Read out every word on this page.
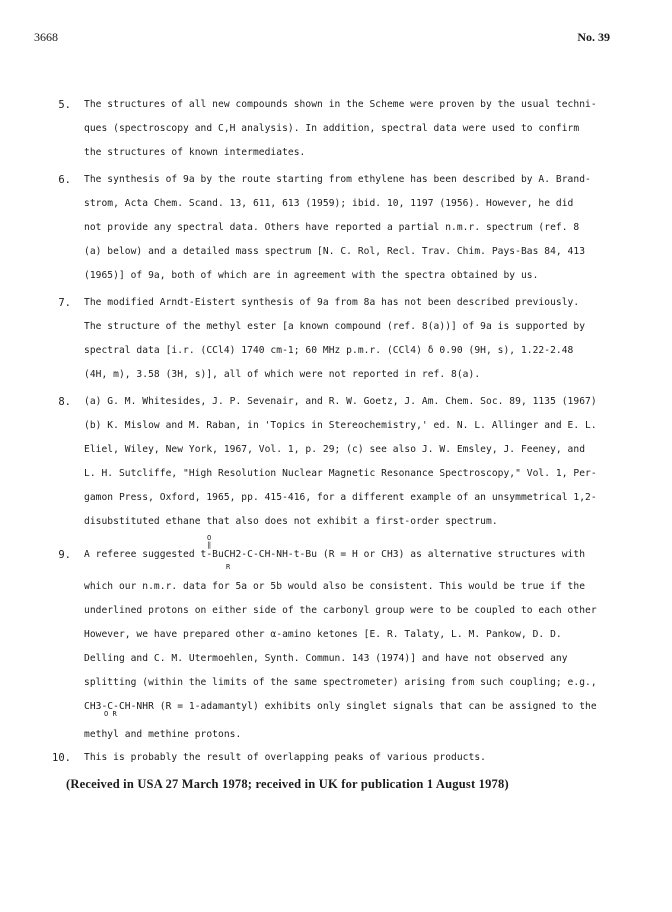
3668	No. 39
5. The structures of all new compounds shown in the Scheme were proven by the usual techni-
ques (spectroscopy and C,H analysis). In addition, spectral data were used to confirm
the structures of known intermediates.
6. The synthesis of 9a by the route starting from ethylene has been described by A. Brand-
strom, Acta Chem. Scand. 13, 611, 613 (1959); ibid. 10, 1197 (1956). However, he did
not provide any spectral data. Others have reported a partial n.m.r. spectrum (ref. 8
(a) below) and a detailed mass spectrum [N. C. Rol, Recl. Trav. Chim. Pays-Bas 84, 413
(1965)] of 9a, both of which are in agreement with the spectra obtained by us.
7. The modified Arndt-Eistert synthesis of 9a from 8a has not been described previously.
The structure of the methyl ester [a known compound (ref. 8(a))] of 9a is supported by
spectral data [i.r. (CCl4) 1740 cm-1; 60 MHz p.m.r. (CCl4) δ 0.90 (9H, s), 1.22-2.48
(4H, m), 3.58 (3H, s)], all of which were not reported in ref. 8(a).
8. (a) G. M. Whitesides, J. P. Sevenair, and R. W. Goetz, J. Am. Chem. Soc. 89, 1135 (1967)
(b) K. Mislow and M. Raban, in 'Topics in Stereochemistry,' ed. N. L. Allinger and E. L.
Eliel, Wiley, New York, 1967, Vol. 1, p. 29; (c) see also J. W. Emsley, J. Feeney, and
L. H. Sutcliffe, "High Resolution Nuclear Magnetic Resonance Spectroscopy," Vol. 1, Per-
gamon Press, Oxford, 1965, pp. 415-416, for a different example of an unsymmetrical 1,2-
disubstituted ethane that also does not exhibit a first-order spectrum.
9. A referee suggested t-BuCH2-C-CH-NH-t-Bu (R = H or CH3) as alternative structures with
O
‖
R
which our n.m.r. data for 5a or 5b would also be consistent. This would be true if the
underlined protons on either side of the carbonyl group were to be coupled to each other
However, we have prepared other α-amino ketones [E. R. Talaty, L. M. Pankow, D. D.
Delling and C. M. Utermoehlen, Synth. Commun. 143 (1974)] and have not observed any
splitting (within the limits of the same spectrometer) arising from such coupling; e.g.,
CH3-C-CH-NHR (R = 1-adamantyl) exhibits only singlet signals that can be assigned to the
O R
methyl and methine protons.
10. This is probably the result of overlapping peaks of various products.
(Received in USA 27 March 1978; received in UK for publication 1 August 1978)
